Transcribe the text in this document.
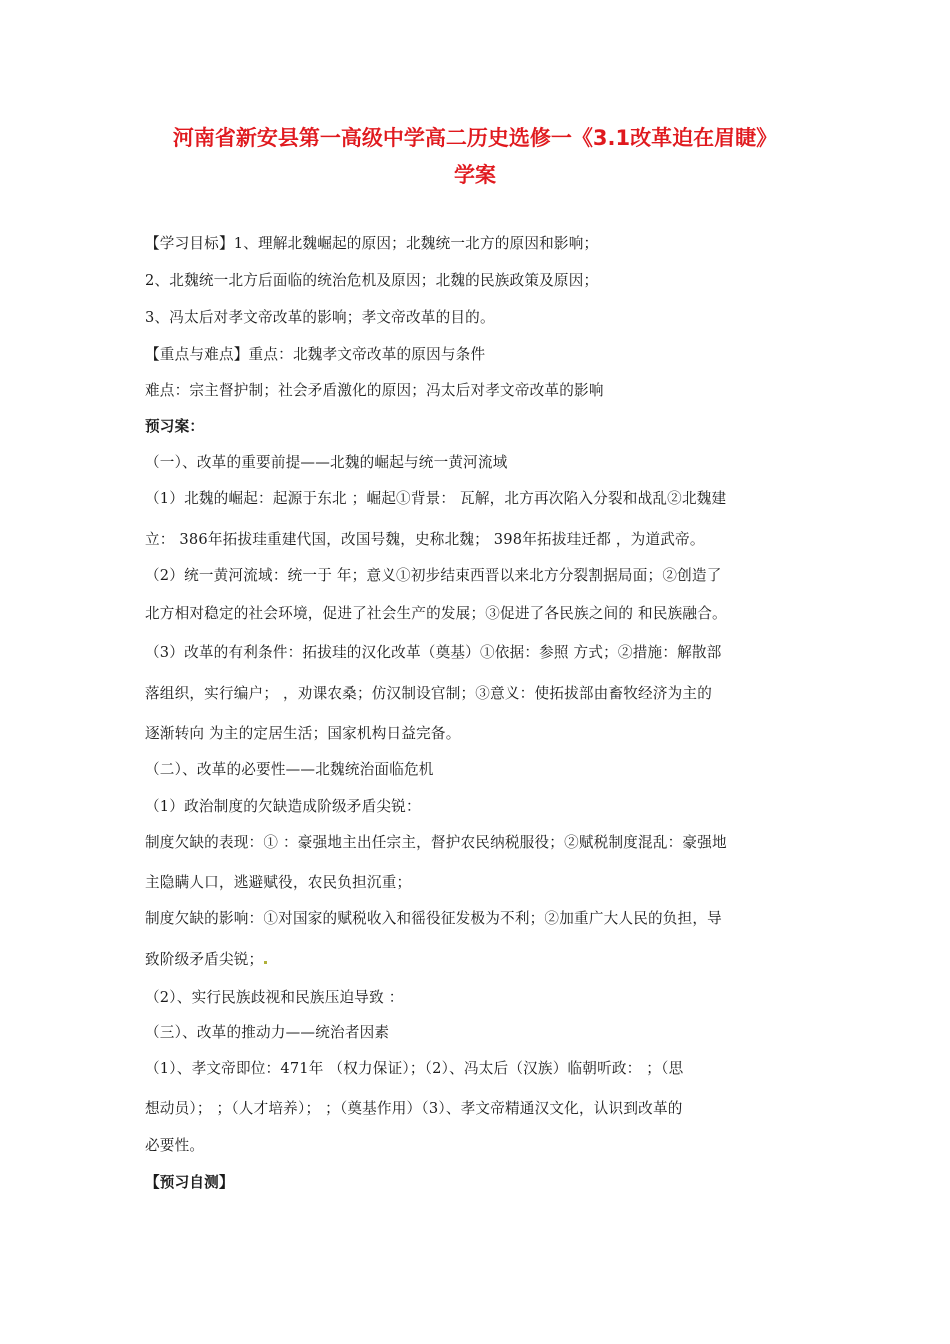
河南省新安县第一高级中学高二历史选修一《3.1改革迫在眉睫》
学案
【学习目标】1、理解北魏崛起的原因；北魏统一北方的原因和影响；
2、北魏统一北方后面临的统治危机及原因；北魏的民族政策及原因；
3、冯太后对孝文帝改革的影响；孝文帝改革的目的。
【重点与难点】重点：北魏孝文帝改革的原因与条件
难点：宗主督护制；社会矛盾激化的原因；冯太后对孝文帝改革的影响
预习案：
（一）、改革的重要前提——北魏的崛起与统一黄河流域
（1）北魏的崛起：起源于东北 ；崛起①背景： 瓦解，北方再次陷入分裂和战乱②北魏建
立： 386年拓拔珪重建代国，改国号魏，史称北魏； 398年拓拔珪迁都 ，为道武帝。
（2）统一黄河流域：统一于 年；意义①初步结束西晋以来北方分裂割据局面；②创造了
北方相对稳定的社会环境，促进了社会生产的发展；③促进了各民族之间的 和民族融合。
（3）改革的有利条件：拓拔珪的汉化改革（奠基）①依据：参照 方式；②措施：解散部
落组织，实行编户； ，劝课农桑；仿汉制设官制；③意义：使拓拔部由畜牧经济为主的
逐渐转向 为主的定居生活；国家机构日益完备。
（二）、改革的必要性——北魏统治面临危机
（1）政治制度的欠缺造成阶级矛盾尖锐：
制度欠缺的表现：① ：豪强地主出任宗主，督护农民纳税服役；②赋税制度混乱：豪强地
主隐瞒人口，逃避赋役，农民负担沉重；
制度欠缺的影响：①对国家的赋税收入和徭役征发极为不利；②加重广大人民的负担，导
致阶级矛盾尖锐；
（2）、实行民族歧视和民族压迫导致 ：
（三）、改革的推动力——统治者因素
（1）、孝文帝即位：471年 （权力保证）；（2）、冯太后（汉族）临朝听政： ；（思
想动员）； ；（人才培养）； ；（奠基作用）（3）、孝文帝精通汉文化，认识到改革的
必要性。
【预习自测】
